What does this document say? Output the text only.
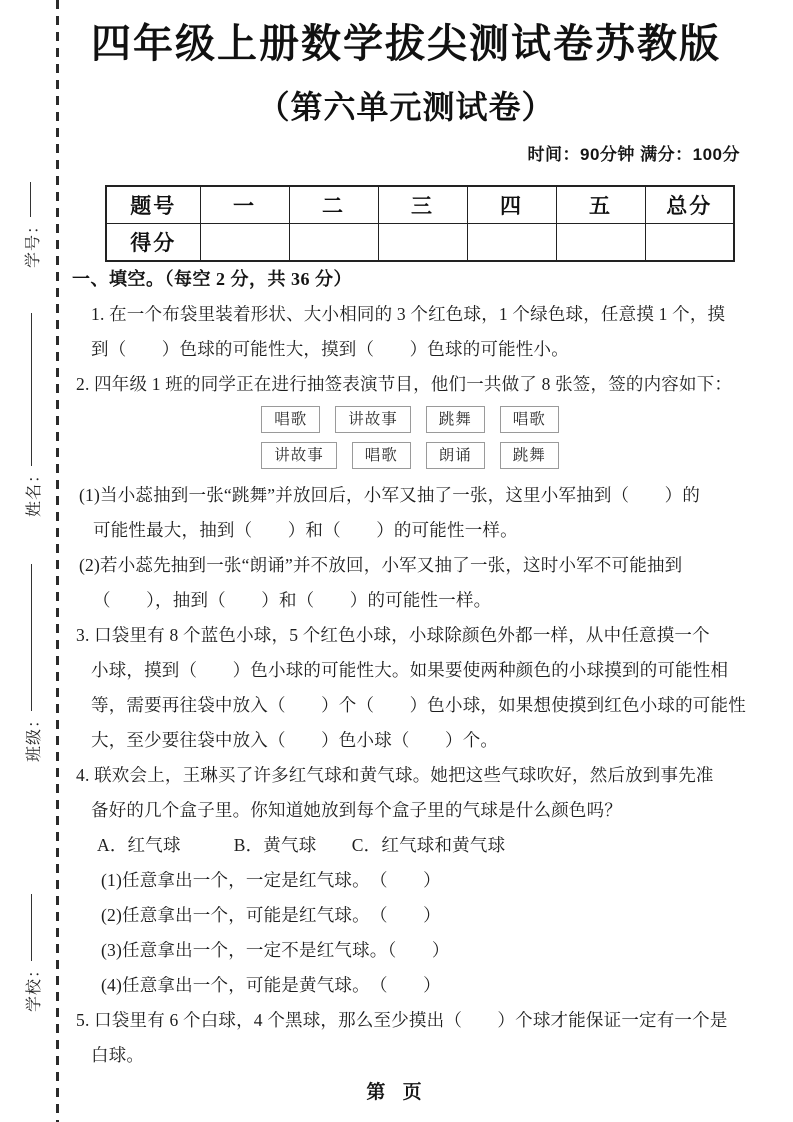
学号：
姓名：
班级：
学校：
四年级上册数学拔尖测试卷苏教版
（第六单元测试卷）
时间：90分钟 满分：100分
题号	一	二	三	四	五	总分
得分						
一、填空。（每空 2 分，共 36 分）
1. 在一个布袋里装着形状、大小相同的 3 个红色球，1 个绿色球，任意摸 1 个，摸
到（　　）色球的可能性大，摸到（　　）色球的可能性小。
2. 四年级 1 班的同学正在进行抽签表演节目，他们一共做了 8 张签，签的内容如下：
唱歌	讲故事	跳舞	唱歌
讲故事	唱歌	朗诵	跳舞
(1)当小蕊抽到一张“跳舞”并放回后，小军又抽了一张，这里小军抽到（　　）的
可能性最大，抽到（　　）和（　　）的可能性一样。
(2)若小蕊先抽到一张“朗诵”并不放回，小军又抽了一张，这时小军不可能抽到
（　　），抽到（　　）和（　　）的可能性一样。
3. 口袋里有 8 个蓝色小球，5 个红色小球，小球除颜色外都一样，从中任意摸一个
小球，摸到（　　）色小球的可能性大。如果要使两种颜色的小球摸到的可能性相
等，需要再往袋中放入（　　）个（　　）色小球，如果想使摸到红色小球的可能性
大，至少要往袋中放入（　　）色小球（　　）个。
4. 联欢会上，王琳买了许多红气球和黄气球。她把这些气球吹好，然后放到事先准
备好的几个盒子里。你知道她放到每个盒子里的气球是什么颜色吗？
A．红气球　　　B．黄气球　　C．红气球和黄气球
(1)任意拿出一个，一定是红气球。　（　　）
(2)任意拿出一个，可能是红气球。　（　　）
(3)任意拿出一个，一定不是红气球。（　　）
(4)任意拿出一个，可能是黄气球。　（　　）
5. 口袋里有 6 个白球，4 个黑球，那么至少摸出（　　）个球才能保证一定有一个是
白球。
第 页
